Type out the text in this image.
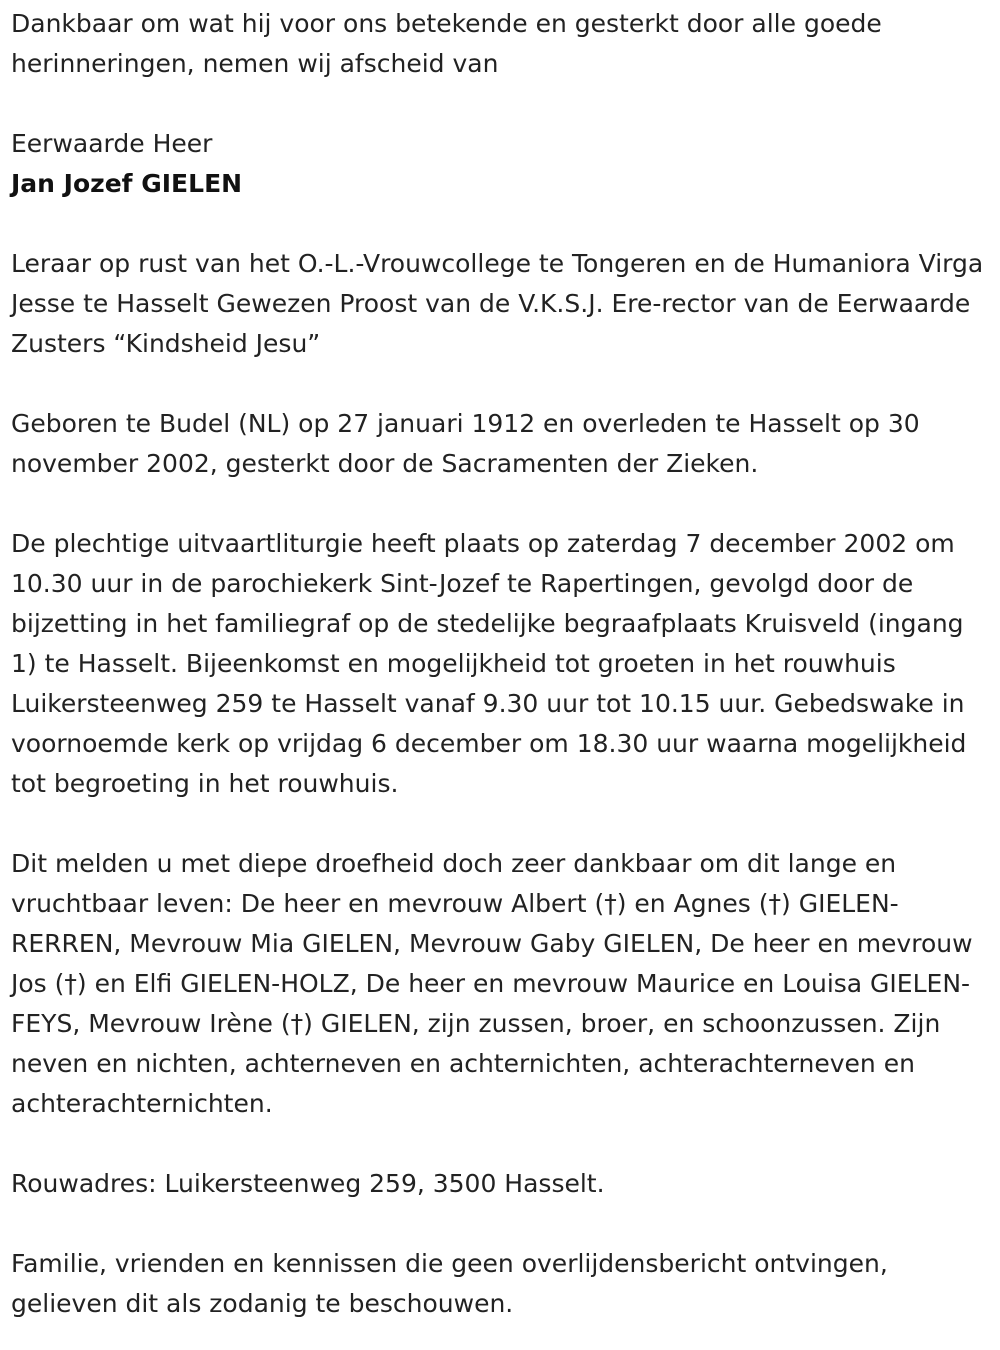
Dankbaar om wat hij voor ons betekende en gesterkt door alle goede herinneringen, nemen wij afscheid van

Eerwaarde Heer

Jan Jozef GIELEN

Leraar op rust van het O.-L.-Vrouwcollege te Tongeren en de Humaniora Virga Jesse te Hasselt Gewezen Proost van de V.K.S.J. Ere-rector van de Eerwaarde Zusters “Kindsheid Jesu”

Geboren te Budel (NL) op 27 januari 1912 en overleden te Hasselt op 30 november 2002, gesterkt door de Sacramenten der Zieken.

De plechtige uitvaartliturgie heeft plaats op zaterdag 7 december 2002 om 10.30 uur in de parochiekerk Sint-Jozef te Rapertingen, gevolgd door de bijzetting in het familiegraf op de stedelijke begraafplaats Kruisveld (ingang 1) te Hasselt. Bijeenkomst en mogelijkheid tot groeten in het rouwhuis Luikersteenweg 259 te Hasselt vanaf 9.30 uur tot 10.15 uur. Gebedswake in voornoemde kerk op vrijdag 6 december om 18.30 uur waarna mogelijkheid tot begroeting in het rouwhuis.

Dit melden u met diepe droefheid doch zeer dankbaar om dit lange en vruchtbaar leven: De heer en mevrouw Albert (†) en Agnes (†) GIELEN-RERREN, Mevrouw Mia GIELEN, Mevrouw Gaby GIELEN, De heer en mevrouw Jos (†) en Elfi GIELEN-HOLZ, De heer en mevrouw Maurice en Louisa GIELEN-FEYS, Mevrouw Irène (†) GIELEN, zijn zussen, broer, en schoonzussen. Zijn neven en nichten, achterneven en achternichten, achterachterneven en achterachternichten.

Rouwadres: Luikersteenweg 259, 3500 Hasselt.

Familie, vrienden en kennissen die geen overlijdensbericht ontvingen, gelieven dit als zodanig te beschouwen.
